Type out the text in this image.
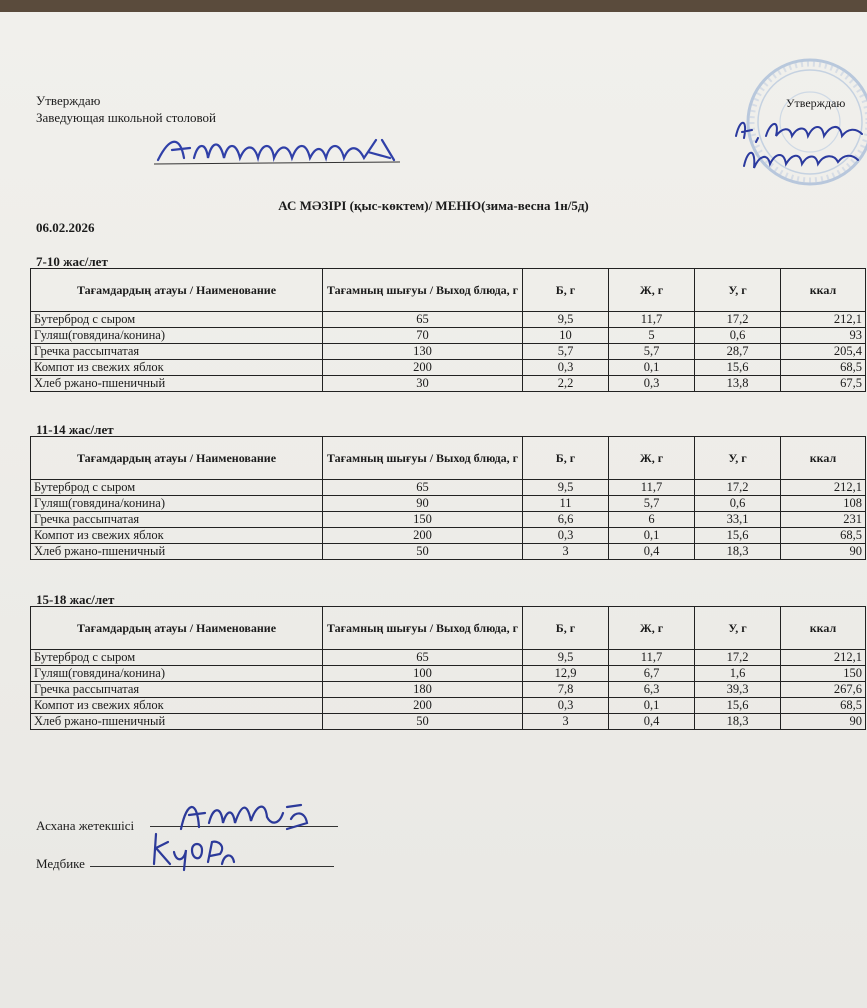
Утверждаю
Заведующая школьной столовой
Утверждаю
АС МӘЗІРІ (қыс-көктем)/ МЕНЮ(зима-весна 1н/5д)
06.02.2026
7-10 жас/лет
Тағамдардың атауы / Наименование	Тағамның шығуы / Выход блюда, г	Б, г	Ж, г	У, г	ккал
Бутерброд с сыром	65	9,5	11,7	17,2	212,1
Гуляш(говядина/конина)	70	10	5	0,6	93
Гречка рассыпчатая	130	5,7	5,7	28,7	205,4
Компот из свежих яблок	200	0,3	0,1	15,6	68,5
Хлеб ржано-пшеничный	30	2,2	0,3	13,8	67,5
11-14 жас/лет
Тағамдардың атауы / Наименование	Тағамның шығуы / Выход блюда, г	Б, г	Ж, г	У, г	ккал
Бутерброд с сыром	65	9,5	11,7	17,2	212,1
Гуляш(говядина/конина)	90	11	5,7	0,6	108
Гречка рассыпчатая	150	6,6	6	33,1	231
Компот из свежих яблок	200	0,3	0,1	15,6	68,5
Хлеб ржано-пшеничный	50	3	0,4	18,3	90
15-18 жас/лет
Тағамдардың атауы / Наименование	Тағамның шығуы / Выход блюда, г	Б, г	Ж, г	У, г	ккал
Бутерброд с сыром	65	9,5	11,7	17,2	212,1
Гуляш(говядина/конина)	100	12,9	6,7	1,6	150
Гречка рассыпчатая	180	7,8	6,3	39,3	267,6
Компот из свежих яблок	200	0,3	0,1	15,6	68,5
Хлеб ржано-пшеничный	50	3	0,4	18,3	90
Асхана жетекшісі
Медбике
